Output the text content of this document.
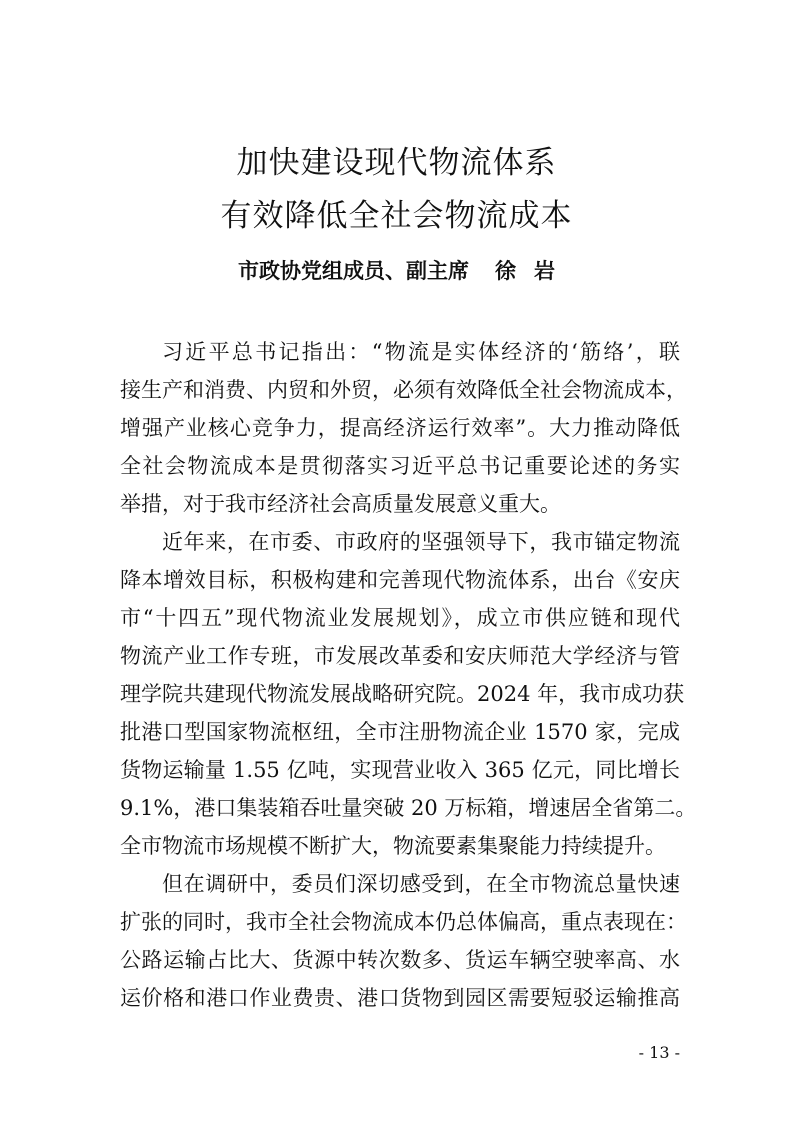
加快建设现代物流体系
有效降低全社会物流成本

市政协党组成员、副主席 徐 岩

习近平总书记指出：“物流是实体经济的‘筋络’，联
接生产和消费、内贸和外贸，必须有效降低全社会物流成本，
增强产业核心竞争力，提高经济运行效率”。大力推动降低
全社会物流成本是贯彻落实习近平总书记重要论述的务实
举措，对于我市经济社会高质量发展意义重大。
近年来，在市委、市政府的坚强领导下，我市锚定物流
降本增效目标，积极构建和完善现代物流体系，出台《安庆
市“十四五”现代物流业发展规划》，成立市供应链和现代
物流产业工作专班，市发展改革委和安庆师范大学经济与管
理学院共建现代物流发展战略研究院。2024 年，我市成功获
批港口型国家物流枢纽，全市注册物流企业 1570 家，完成
货物运输量 1.55 亿吨，实现营业收入 365 亿元，同比增长
9.1%，港口集装箱吞吐量突破 20 万标箱，增速居全省第二。
全市物流市场规模不断扩大，物流要素集聚能力持续提升。
但在调研中，委员们深切感受到，在全市物流总量快速
扩张的同时，我市全社会物流成本仍总体偏高，重点表现在：
公路运输占比大、货源中转次数多、货运车辆空驶率高、水
运价格和港口作业费贵、港口货物到园区需要短驳运输推高
- 13 -
